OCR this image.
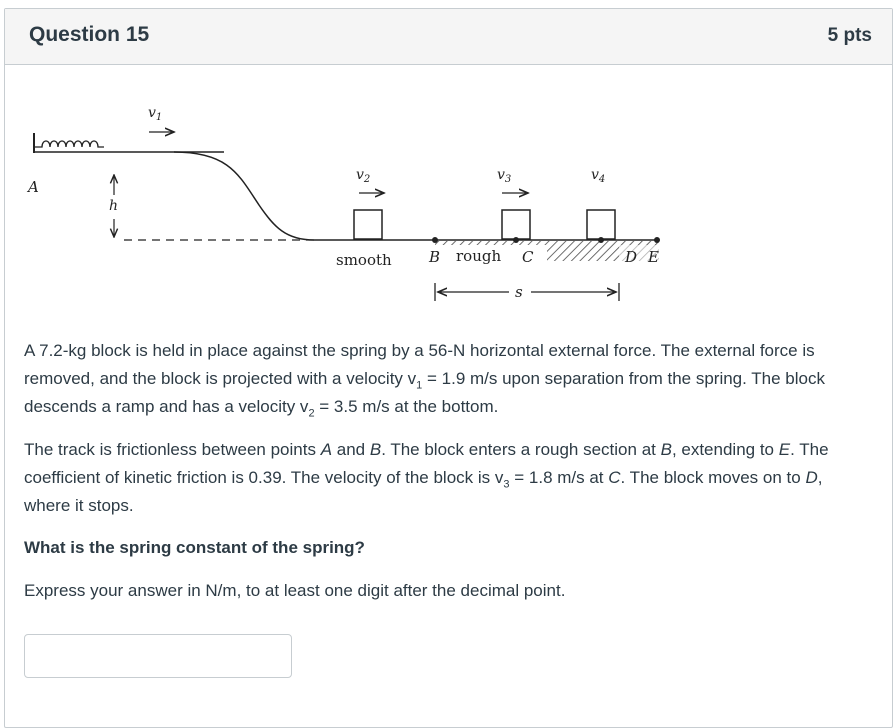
Question 15	5 pts
A
$v_1$
h
$v_2$	$v_3$	$v_4$
smooth B rough C	D E
s
A 7.2-kg block is held in place against the spring by a 56-N horizontal external force. The external force is removed, and the block is projected with a velocity $v_1 = 1.9$ m/s upon separation from the spring. The block descends a ramp and has a velocity $v_2 = 3.5$ m/s at the bottom.
The track is frictionless between points A and B. The block enters a rough section at B, extending to E. The coefficient of kinetic friction is 0.39. The velocity of the block is $v_3 = 1.8$ m/s at C. The block moves on to D, where it stops.
What is the spring constant of the spring?
Express your answer in N/m, to at least one digit after the decimal point.
